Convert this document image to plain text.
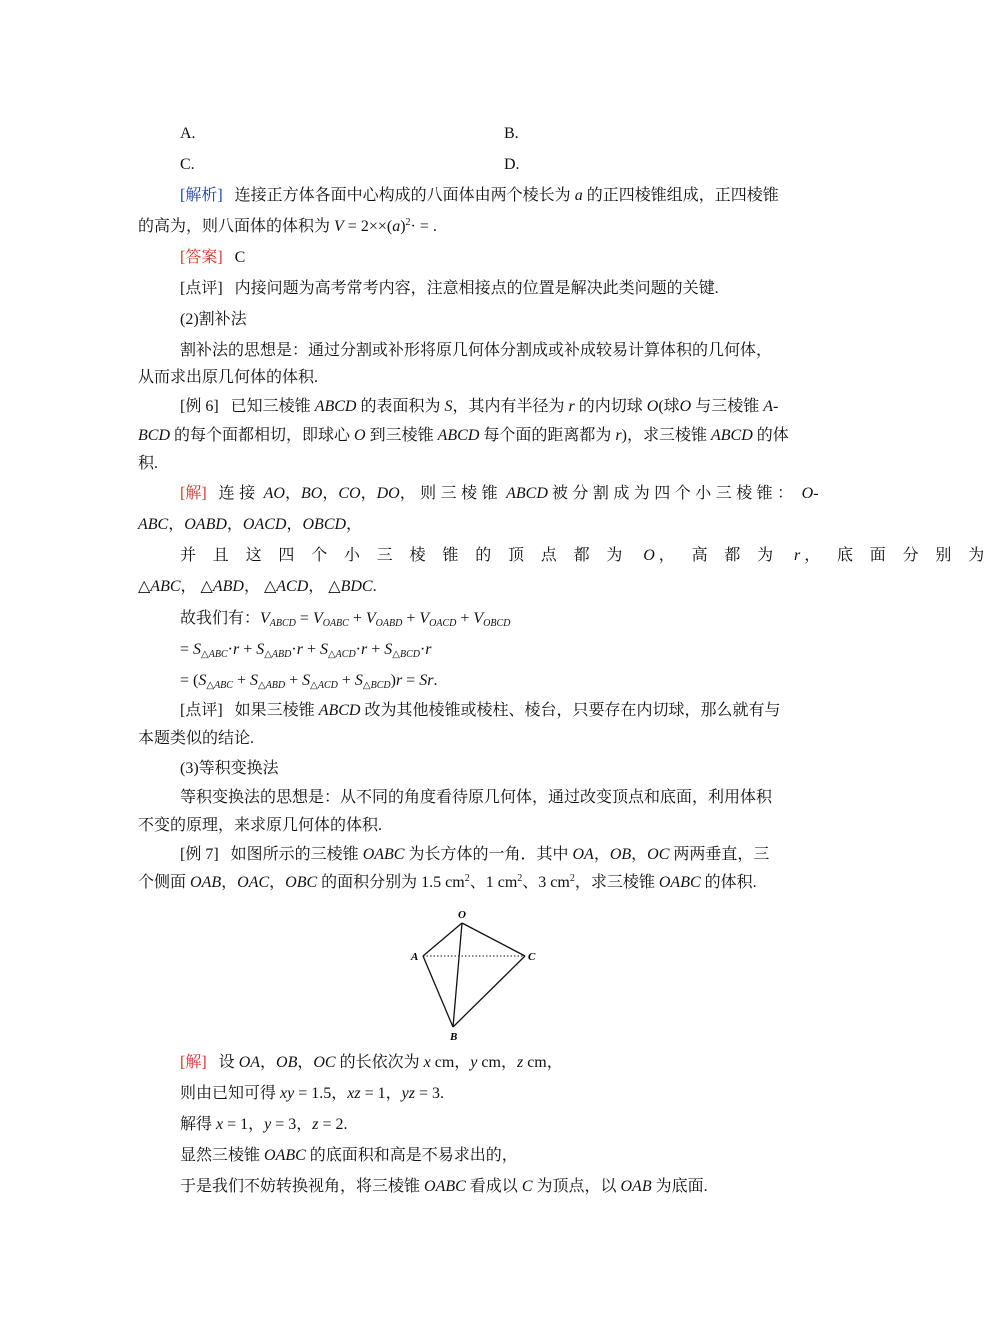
A.	B.
C.	D.
[解析] 连接正方体各面中心构成的八面体由两个棱长为 a 的正四棱锥组成，正四棱锥
的高为，则八面体的体积为 $V = 2\times\times(a)^2\cdot$ = .
[答案] C
[点评] 内接问题为高考常考内容，注意相接点的位置是解决此类问题的关键.
(2)割补法
割补法的思想是：通过分割或补形将原几何体分割成或补成较易计算体积的几何体，
从而求出原几何体的体积.
[例 6] 已知三棱锥 ABCD 的表面积为 S，其内有半径为 r 的内切球 O(球O 与三棱锥 A-
BCD 的每个面都相切，即球心 O 到三棱锥 ABCD 每个面的距离都为 r)，求三棱锥 ABCD 的体
积.
[解] 连接 AO，BO，CO，DO，则三棱锥 ABCD 被分割成为四个小三棱锥： O-
ABC，OABD，OACD，OBCD，
并且这四个小三棱锥的顶点都为 O ，高都为 r ，底面分别为
△ABC， △ABD， △ACD， △BDC.
故我们有：$V_{ABCD} = V_{OABC} + V_{OABD} + V_{OACD} + V_{OBCD}$
= $S_{\triangle ABC}\cdot r + S_{\triangle ABD}\cdot r + S_{\triangle ACD}\cdot r + S_{\triangle BCD}\cdot r$
= $(S_{\triangle ABC} + S_{\triangle ABD} + S_{\triangle ACD} + S_{\triangle BCD})r = Sr$.
[点评] 如果三棱锥 ABCD 改为其他棱锥或棱柱、棱台，只要存在内切球，那么就有与
本题类似的结论.
(3)等积变换法
等积变换法的思想是：从不同的角度看待原几何体，通过改变顶点和底面，利用体积
不变的原理，来求原几何体的体积.
[例 7] 如图所示的三棱锥 OABC 为长方体的一角．其中 OA，OB，OC 两两垂直，三
个侧面 OAB，OAC，OBC 的面积分别为 1.5 $cm^2$、1 $cm^2$、3 $cm^2$，求三棱锥 OABC 的体积.
O
A	C
B
[解] 设 OA，OB，OC 的长依次为 x cm，y cm，z cm，
则由已知可得 xy = 1.5，xz = 1，yz = 3.
解得 x = 1，y = 3，z = 2.
显然三棱锥 OABC 的底面积和高是不易求出的，
于是我们不妨转换视角，将三棱锥 OABC 看成以 C 为顶点，以 OAB 为底面.
